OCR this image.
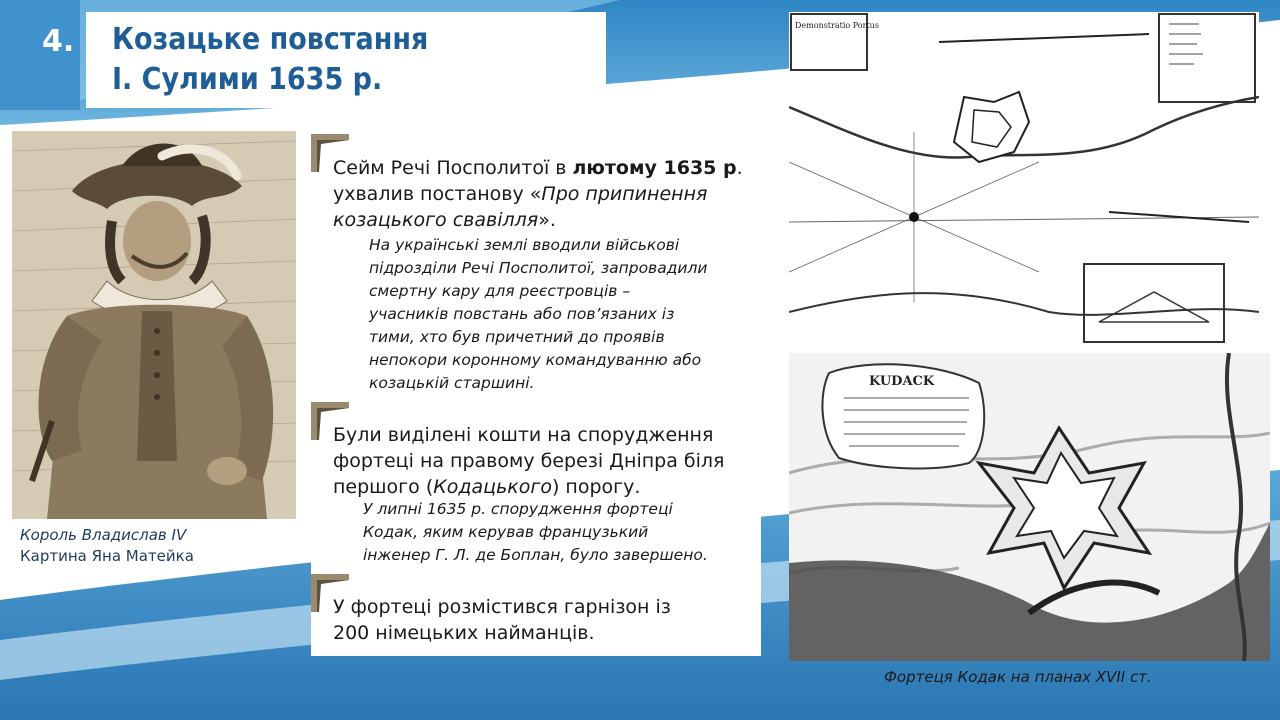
4. Козацьке повстання
І. Сулими 1635 р.
Король Владислав IV
Картина Яна Матейка
Сейм Речі Посполитої в лютому 1635 р.
ухвалив постанову «Про припинення козацького свавілля».
На українські землі вводили військові
підрозділи Речі Посполитої, запровадили
смертну кару для реєстровців –
учасників повстань або пов’язаних із
тими, хто був причетний до проявів
непокори коронному командуванню або
козацькій старшині.
Були виділені кошти на спорудження
фортеці на правому березі Дніпра біля
першого (Кодацького) порогу.
У липні 1635 р. спорудження фортеці
Кодак, яким керував французький
інженер Г. Л. де Боплан, було завершено.
У фортеці розмістився гарнізон із
200 німецьких найманців.
Demonstratio Portus
KUDACK
Фортеця Кодак на планах XVII ст.
